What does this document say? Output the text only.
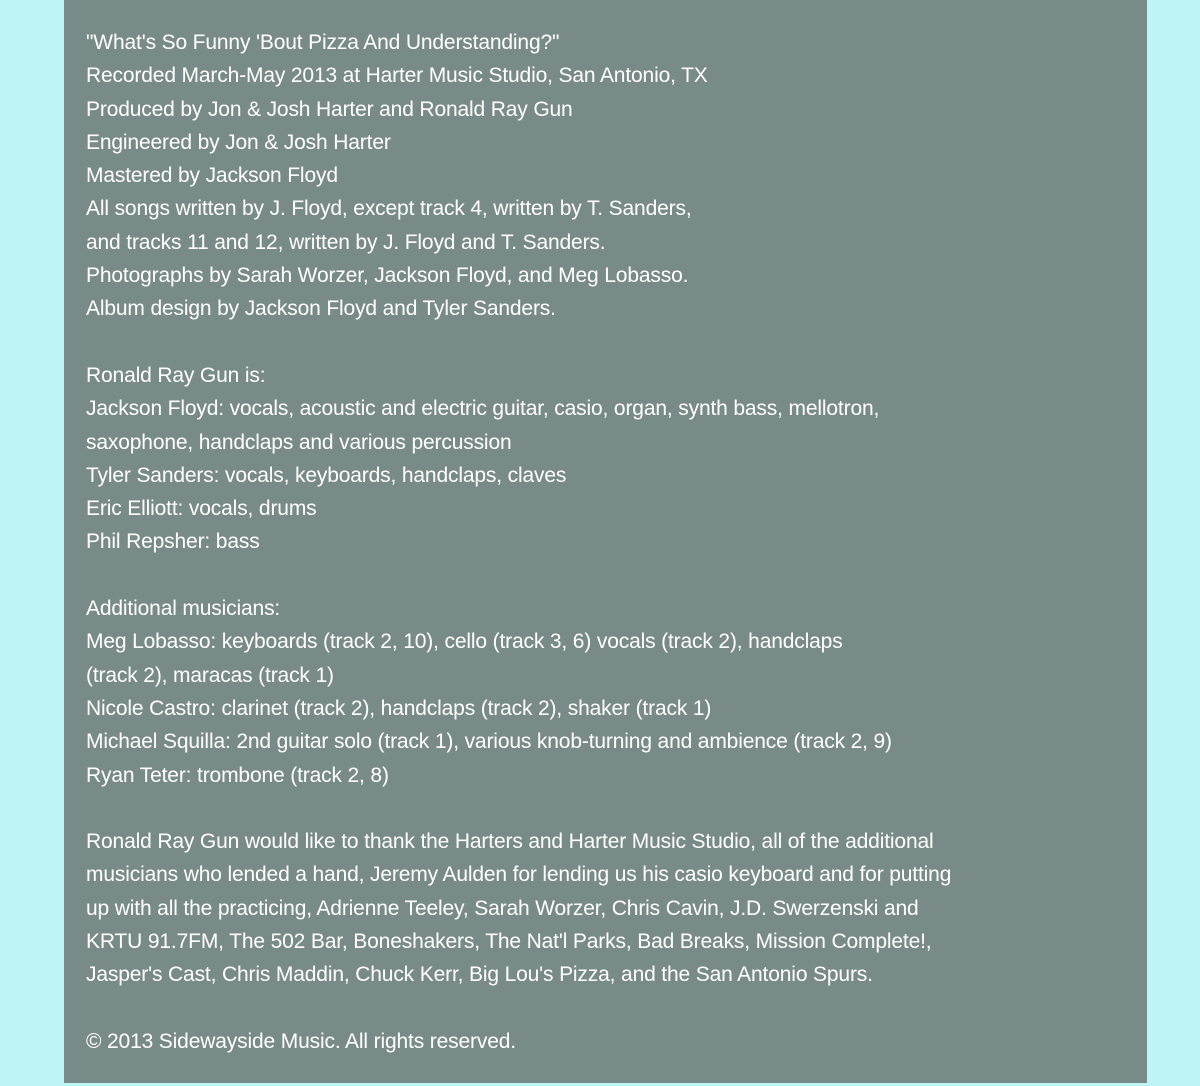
"What's So Funny 'Bout Pizza And Understanding?"
Recorded March-May 2013 at Harter Music Studio, San Antonio, TX
Produced by Jon & Josh Harter and Ronald Ray Gun
Engineered by Jon & Josh Harter
Mastered by Jackson Floyd
All songs written by J. Floyd, except track 4, written by T. Sanders,
and tracks 11 and 12, written by J. Floyd and T. Sanders.
Photographs by Sarah Worzer, Jackson Floyd, and Meg Lobasso.
Album design by Jackson Floyd and Tyler Sanders.
Ronald Ray Gun is:
Jackson Floyd: vocals, acoustic and electric guitar, casio, organ, synth bass, mellotron,
saxophone, handclaps and various percussion
Tyler Sanders: vocals, keyboards, handclaps, claves
Eric Elliott: vocals, drums
Phil Repsher: bass
Additional musicians:
Meg Lobasso: keyboards (track 2, 10), cello (track 3, 6) vocals (track 2), handclaps
(track 2), maracas (track 1)
Nicole Castro: clarinet (track 2), handclaps (track 2), shaker (track 1)
Michael Squilla: 2nd guitar solo (track 1), various knob-turning and ambience (track 2, 9)
Ryan Teter: trombone (track 2, 8)
Ronald Ray Gun would like to thank the Harters and Harter Music Studio, all of the additional
musicians who lended a hand, Jeremy Aulden for lending us his casio keyboard and for putting
up with all the practicing, Adrienne Teeley, Sarah Worzer, Chris Cavin, J.D. Swerzenski and
KRTU 91.7FM, The 502 Bar, Boneshakers, The Nat'l Parks, Bad Breaks, Mission Complete!,
Jasper's Cast, Chris Maddin, Chuck Kerr, Big Lou's Pizza, and the San Antonio Spurs.
© 2013 Sidewayside Music. All rights reserved.
